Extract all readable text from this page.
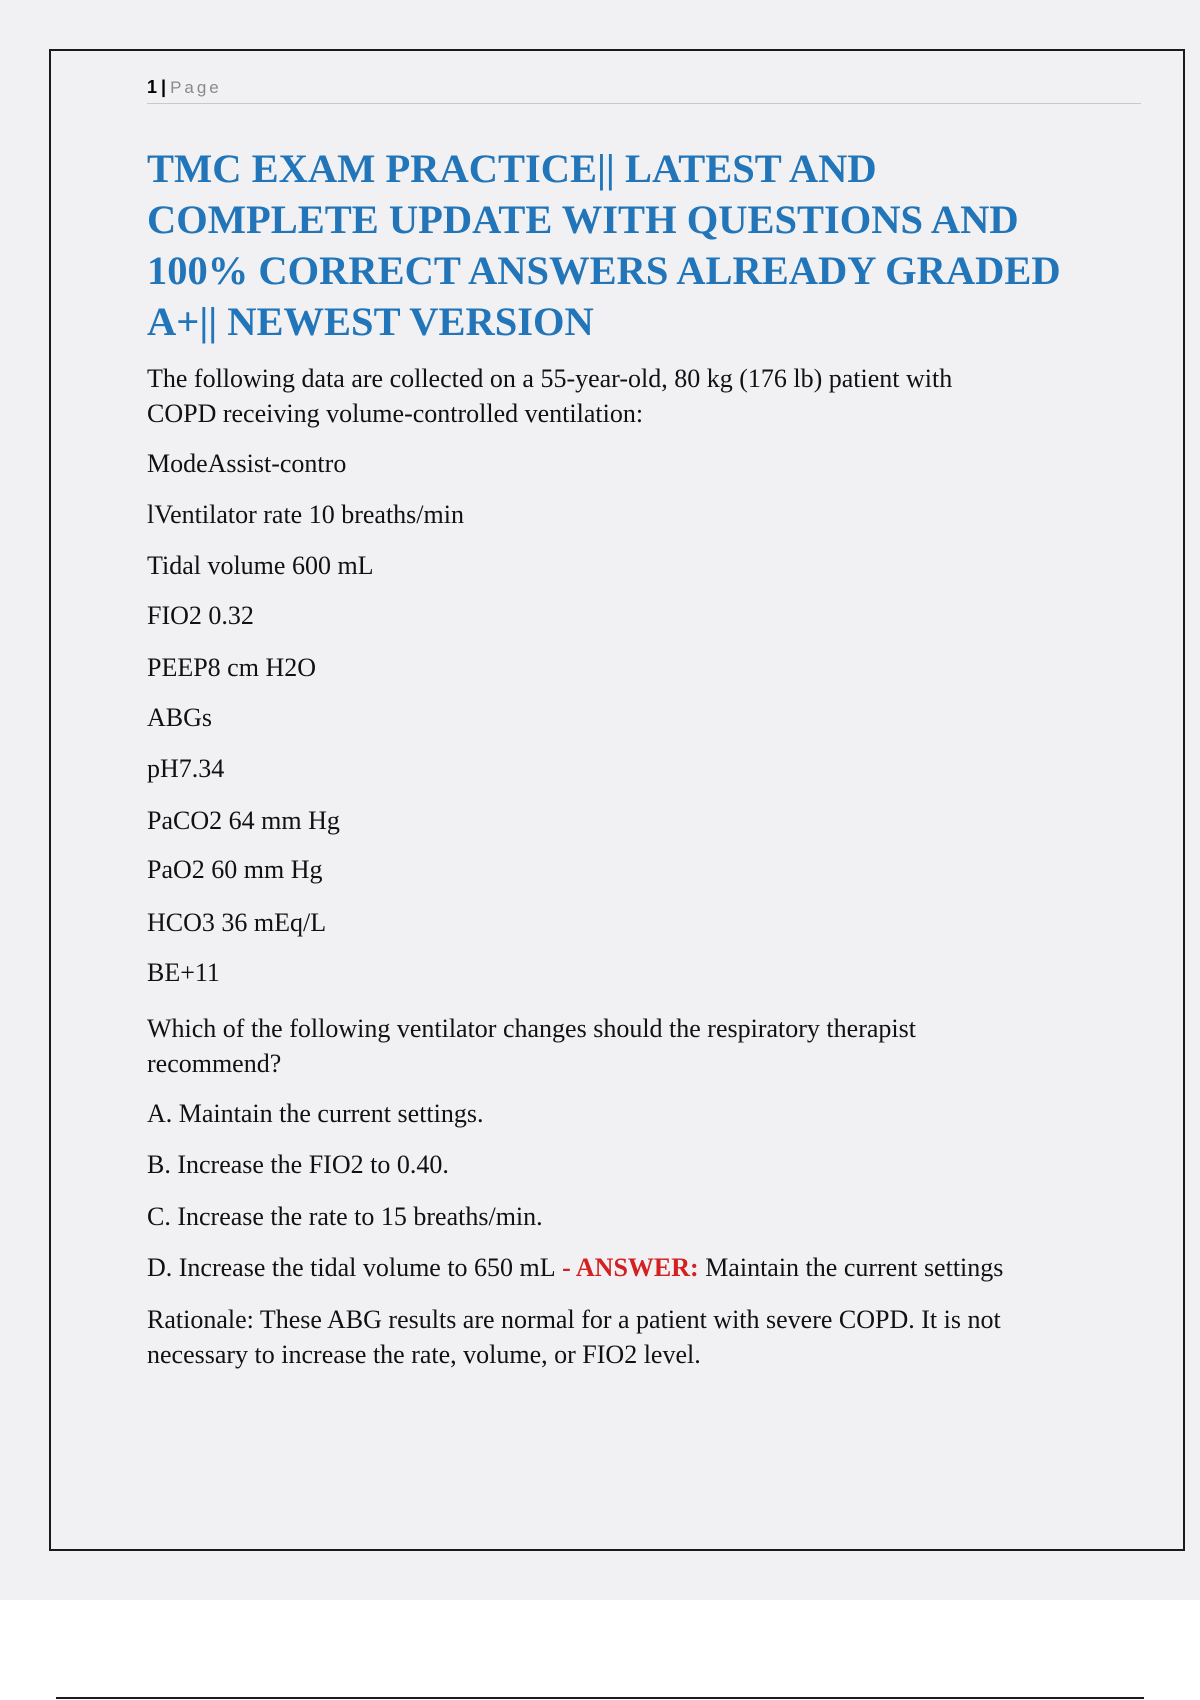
1 | Page
TMC EXAM PRACTICE|| LATEST AND
COMPLETE UPDATE WITH QUESTIONS AND
100% CORRECT ANSWERS ALREADY GRADED
A+|| NEWEST VERSION

The following data are collected on a 55-year-old, 80 kg (176 lb) patient with
COPD receiving volume-controlled ventilation:

ModeAssist-contro

lVentilator rate 10 breaths/min

Tidal volume 600 mL

FIO2 0.32

PEEP8 cm H2O

ABGs

pH7.34

PaCO2 64 mm Hg

PaO2 60 mm Hg

HCO3 36 mEq/L

BE+11

Which of the following ventilator changes should the respiratory therapist
recommend?

A. Maintain the current settings.

B. Increase the FIO2 to 0.40.

C. Increase the rate to 15 breaths/min.

D. Increase the tidal volume to 650 mL - ANSWER: Maintain the current settings

Rationale: These ABG results are normal for a patient with severe COPD. It is not
necessary to increase the rate, volume, or FIO2 level.
